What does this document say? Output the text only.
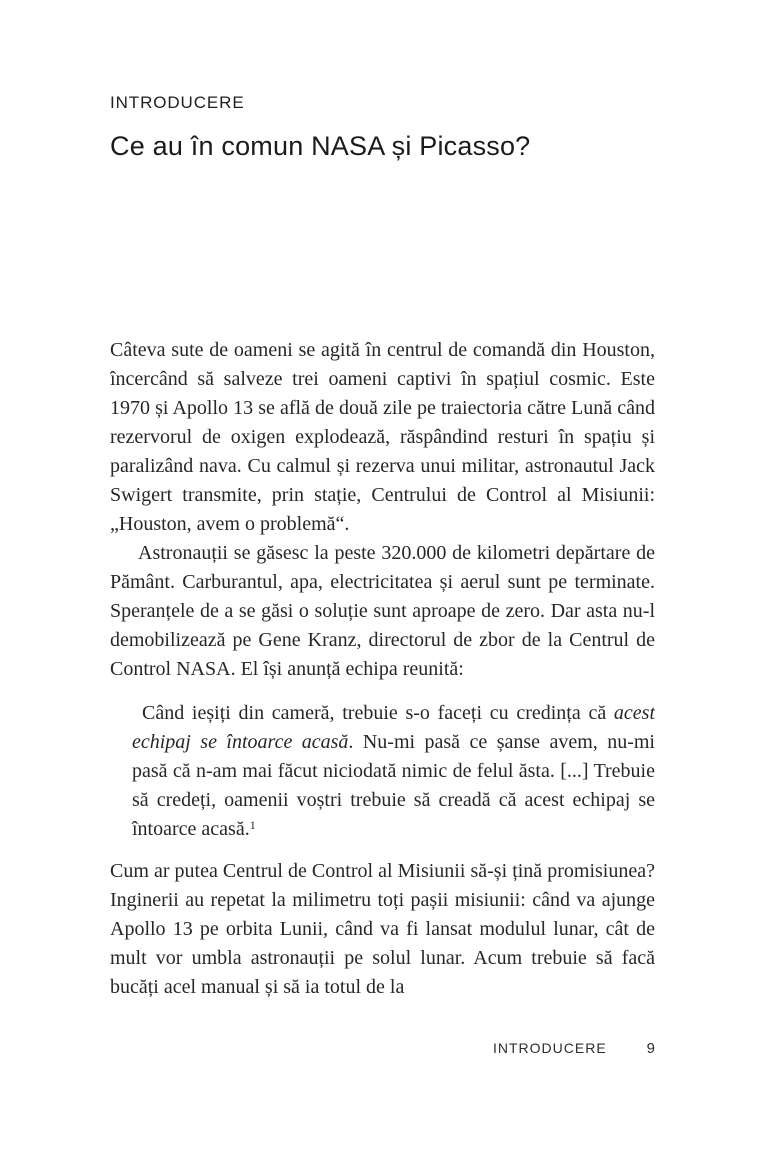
INTRODUCERE
Ce au în comun NASA și Picasso?

Câteva sute de oameni se agită în centrul de comandă din Houston, încercând să salveze trei oameni captivi în spațiul cosmic. Este 1970 și Apollo 13 se află de două zile pe traiectoria către Lună când rezervorul de oxigen explodează, răspândind resturi în spațiu și paralizând nava. Cu calmul și rezerva unui militar, astronautul Jack Swigert transmite, prin stație, Centrului de Control al Misiunii: „Houston, avem o problemă“.

Astronauții se găsesc la peste 320.000 de kilometri depărtare de Pământ. Carburantul, apa, electricitatea și aerul sunt pe terminate. Speranțele de a se găsi o soluție sunt aproape de zero. Dar asta nu-l demobilizează pe Gene Kranz, directorul de zbor de la Centrul de Control NASA. El își anunță echipa reunită:

Când ieșiți din cameră, trebuie s-o faceți cu credința că acest echipaj se întoarce acasă. Nu-mi pasă ce șanse avem, nu-mi pasă că n-am mai făcut niciodată nimic de felul ăsta. [...] Trebuie să credeți, oamenii voștri trebuie să creadă că acest echipaj se întoarce acasă.$^1$

Cum ar putea Centrul de Control al Misiunii să-și țină promisiunea? Inginerii au repetat la milimetru toți pașii misiunii: când va ajunge Apollo 13 pe orbita Lunii, când va fi lansat modulul lunar, cât de mult vor umbla astronauții pe solul lunar. Acum trebuie să facă bucăți acel manual și să ia totul de la

INTRODUCERE	9
